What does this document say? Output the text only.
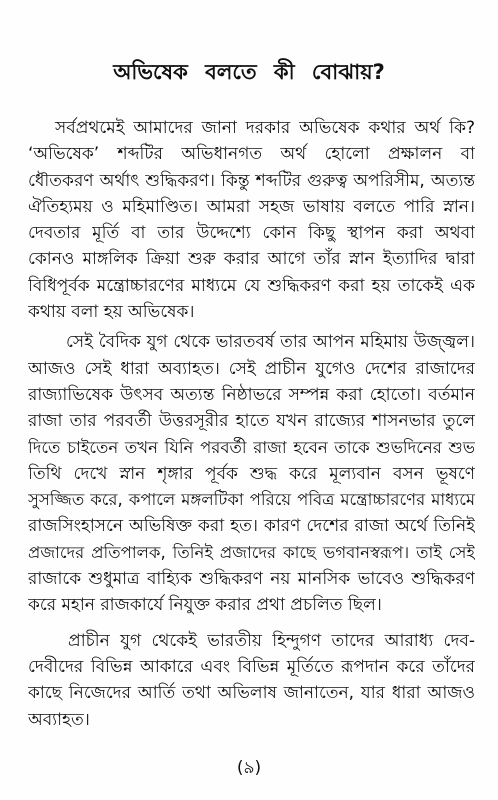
অভিষেক বলতে কী বোঝায়?
সর্বপ্রথমেই আমাদের জানা দরকার অভিষেক কথার অর্থ কি?
‘অভিষেক’ শব্দটির অভিধানগত অর্থ হোলো প্রক্ষালন বা
ধৌতকরণ অর্থাৎ শুদ্ধিকরণ। কিন্তু শব্দটির গুরুত্ব অপরিসীম, অত্যন্ত
ঐতিহ্যময় ও মহিমাণ্ডিত। আমরা সহজ ভাষায় বলতে পারি স্নান।
দেবতার মূর্তি বা তার উদ্দেশ্যে কোন কিছু স্থাপন করা অথবা
কোনও মাঙ্গলিক ক্রিয়া শুরু করার আগে তাঁর স্নান ইত্যাদির দ্বারা
বিধিপূর্বক মন্ত্রোচ্চারণের মাধ্যমে যে শুদ্ধিকরণ করা হয় তাকেই এক
কথায় বলা হয় অভিষেক।
সেই বৈদিক যুগ থেকে ভারতবর্ষ তার আপন মহিমায় উজ্জ্বল।
আজও সেই ধারা অব্যাহত। সেই প্রাচীন যুগেও দেশের রাজাদের
রাজ্যাভিষেক উৎসব অত্যন্ত নিষ্ঠাভরে সম্পন্ন করা হোতো। বর্তমান
রাজা তার পরবর্তী উত্তরসূরীর হাতে যখন রাজ্যের শাসনভার তুলে
দিতে চাইতেন তখন যিনি পরবর্তী রাজা হবেন তাকে শুভদিনের শুভ
তিথি দেখে স্নান শৃঙ্গার পূর্বক শুদ্ধ করে মূল্যবান বসন ভূষণে
সুসজ্জিত করে, কপালে মঙ্গলটিকা পরিয়ে পবিত্র মন্ত্রোচ্চারণের মাধ্যমে
রাজসিংহাসনে অভিষিক্ত করা হত। কারণ দেশের রাজা অর্থে তিনিই
প্রজাদের প্রতিপালক, তিনিই প্রজাদের কাছে ভগবানস্বরূপ। তাই সেই
রাজাকে শুধুমাত্র বাহ্যিক শুদ্ধিকরণ নয় মানসিক ভাবেও শুদ্ধিকরণ
করে মহান রাজকার্যে নিযুক্ত করার প্রথা প্রচলিত ছিল।
প্রাচীন যুগ থেকেই ভারতীয় হিন্দুগণ তাদের আরাধ্য দেব-
দেবীদের বিভিন্ন আকারে এবং বিভিন্ন মূর্তিতে রূপদান করে তাঁদের
কাছে নিজেদের আর্তি তথা অভিলাষ জানাতেন, যার ধারা আজও
অব্যাহত।
(৯)
